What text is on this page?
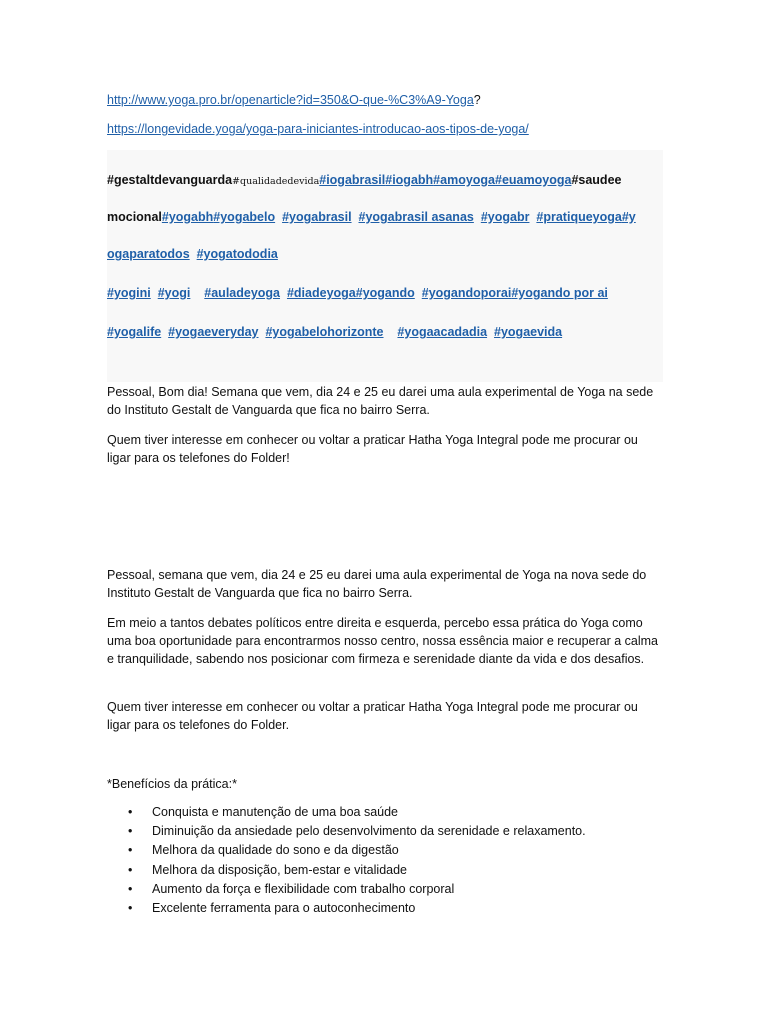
http://www.yoga.pro.br/openarticle?id=350&O-que-%C3%A9-Yoga?

https://longevidade.yoga/yoga-para-iniciantes-introducao-aos-tipos-de-yoga/

#gestaltdevanguarda#qualidadedevida#iogabrasil#iogabh#amoyoga#euamoyoga#saudee
mocional#yogabh#yogabelo #yogabrasil #yogabrasil asanas #yogabr #pratiqueyoga#y
ogaparatodos #yogatododia
#yogini #yogi #auladeyoga #diadeyoga#yogando #yogandoporai#yogando por ai
#yogalife #yogaeveryday #yogabelohorizonte #yogaacadadia #yogaevida

Pessoal, Bom dia! Semana que vem, dia 24 e 25 eu darei uma aula experimental de Yoga na sede do Instituto Gestalt de Vanguarda que fica no bairro Serra.

Quem tiver interesse em conhecer ou voltar a praticar Hatha Yoga Integral pode me procurar ou ligar para os telefones do Folder!

Pessoal, semana que vem, dia 24 e 25 eu darei uma aula experimental de Yoga na nova sede do Instituto Gestalt de Vanguarda que fica no bairro Serra.

Em meio a tantos debates políticos entre direita e esquerda, percebo essa prática do Yoga como uma boa oportunidade para encontrarmos nosso centro, nossa essência maior e recuperar a calma e tranquilidade, sabendo nos posicionar com firmeza e serenidade diante da vida e dos desafios.

Quem tiver interesse em conhecer ou voltar a praticar Hatha Yoga Integral pode me procurar ou ligar para os telefones do Folder.

*Benefícios da prática:*

• Conquista e manutenção de uma boa saúde
• Diminuição da ansiedade pelo desenvolvimento da serenidade e relaxamento.
• Melhora da qualidade do sono e da digestão
• Melhora da disposição, bem-estar e vitalidade
• Aumento da força e flexibilidade com trabalho corporal
• Excelente ferramenta para o autoconhecimento
